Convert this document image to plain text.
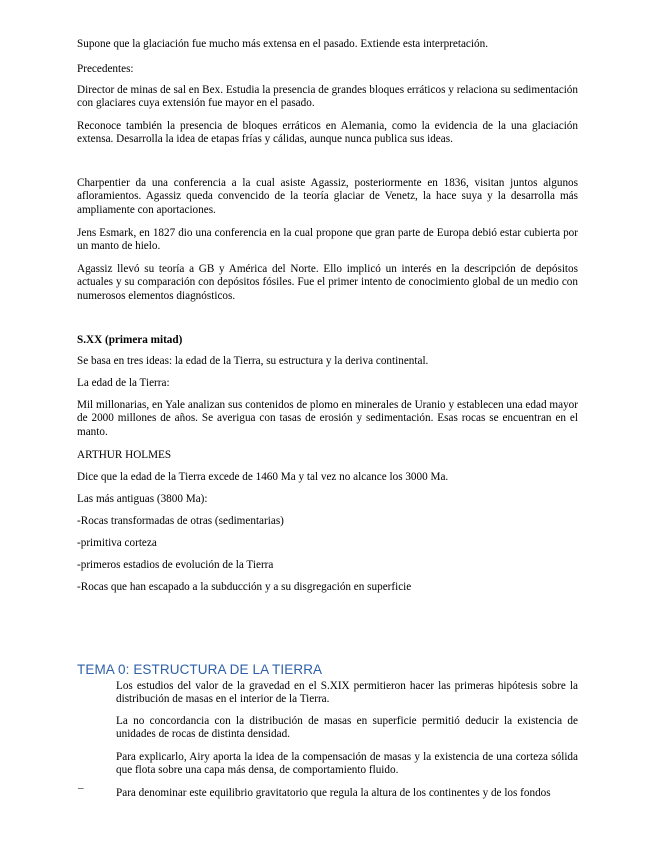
Supone que la glaciación fue mucho más extensa en el pasado. Extiende esta interpretación.

Precedentes:

Director de minas de sal en Bex. Estudia la presencia de grandes bloques erráticos y relaciona su sedimentación con glaciares cuya extensión fue mayor en el pasado.

Reconoce también la presencia de bloques erráticos en Alemania, como la evidencia de la una glaciación extensa. Desarrolla la idea de etapas frías y cálidas, aunque nunca publica sus ideas.

Charpentier da una conferencia a la cual asiste Agassiz, posteriormente en 1836, visitan juntos algunos afloramientos. Agassiz queda convencido de la teoría glaciar de Venetz, la hace suya y la desarrolla más ampliamente con aportaciones.

Jens Esmark, en 1827 dio una conferencia en la cual propone que gran parte de Europa debió estar cubierta por un manto de hielo.

Agassiz llevó su teoría a GB y América del Norte. Ello implicó un interés en la descripción de depósitos actuales y su comparación con depósitos fósiles. Fue el primer intento de conocimiento global de un medio con numerosos elementos diagnósticos.

S.XX (primera mitad)

Se basa en tres ideas: la edad de la Tierra, su estructura y la deriva continental.

La edad de la Tierra:

Mil millonarias, en Yale analizan sus contenidos de plomo en minerales de Uranio y establecen una edad mayor de 2000 millones de años. Se averigua con tasas de erosión y sedimentación. Esas rocas se encuentran en el manto.

ARTHUR HOLMES

Dice que la edad de la Tierra excede de 1460 Ma y tal vez no alcance los 3000 Ma.

Las más antiguas (3800 Ma):

-Rocas transformadas de otras (sedimentarias)

-primitiva corteza

-primeros estadios de evolución de la Tierra

-Rocas que han escapado a la subducción y a su disgregación en superficie

TEMA 0: ESTRUCTURA DE LA TIERRA

Los estudios del valor de la gravedad en el S.XIX permitieron hacer las primeras hipótesis sobre la distribución de masas en el interior de la Tierra.

La no concordancia con la distribución de masas en superficie permitió deducir la existencia de unidades de rocas de distinta densidad.

Para explicarlo, Airy aporta la idea de la compensación de masas y la existencia de una corteza sólida que flota sobre una capa más densa, de comportamiento fluido.

–	Para denominar este equilibrio gravitatorio que regula la altura de los continentes y de los fondos
